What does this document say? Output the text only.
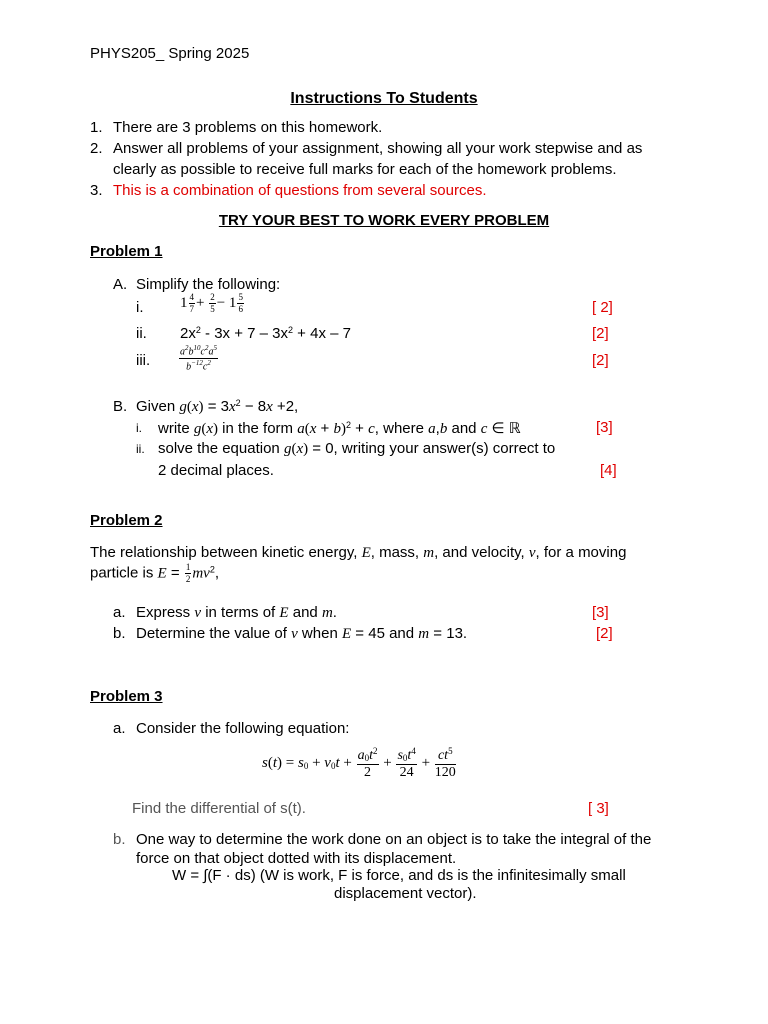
PHYS205_ Spring 2025
Instructions To Students
1. There are 3 problems on this homework.
2. Answer all problems of your assignment, showing all your work stepwise and as
clearly as possible to receive full marks for each of the homework problems.
3. This is a combination of questions from several sources.
TRY YOUR BEST TO WORK EVERY PROBLEM
Problem 1
A. Simplify the following:
i. $1 \frac{4}{7} + \frac{2}{5} - 1 \frac{5}{6}$	[ 2]
ii. $2x^2 - 3x + 7 - 3x^2 + 4x - 7$	[2]
iii.	$\frac{a^2b^{10}c^2a^5}{b^{-12}c^2}$	[2]
B. Given $g(x) = 3x^2 - 8x +2$,
i. write g(x) in the form $a(x + b)^2 + c$, where a,b and c ∈ ℝ	[3]
ii. solve the equation g(x) = 0, writing your answer(s) correct to
2 decimal places.	[4]
Problem 2
The relationship between kinetic energy, E, mass, m, and velocity, v, for a moving
particle is $E = \frac{1}{2} mv^2$,
a. Express v in terms of E and m.	[3]
b. Determine the value of v when E = 45 and m = 13.	[2]
Problem 3
a. Consider the following equation:
$s(t) = s_0 + v_0t + \frac{a_0t^2}{2} + \frac{s_0t^4}{24} + \frac{ct^5}{120}$
Find the differential of s(t).	[ 3]
b. One way to determine the work done on an object is to take the integral of the
force on that object dotted with its displacement.
W = ∫(F · ds) (W is work, F is force, and ds is the infinitesimally small
displacement vector).
